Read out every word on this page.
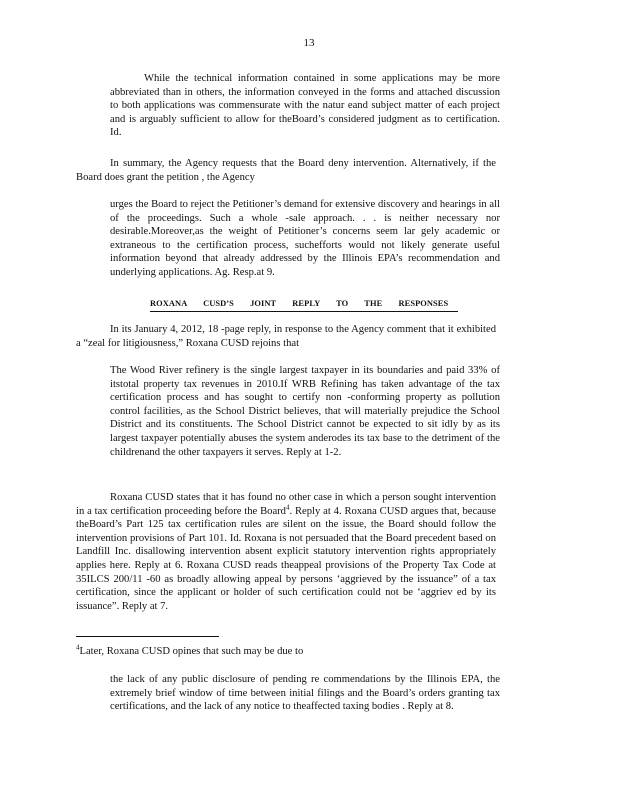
13
While the technical information contained in some applications may be more abbreviated than in others, the information conveyed in the forms and attached discussion to both applications was commensurate with the natur eand subject matter of each project and is arguably sufficient to allow for theBoard’s considered judgment as to certification. Id.
In summary, the Agency requests that the Board deny intervention. Alternatively, if the Board does grant the petition , the Agency
urges the Board to reject the Petitioner’s demand for extensive discovery and hearings in all of the proceedings. Such a whole -sale approach. . . is neither necessary nor desirable.Moreover,as the weight of Petitioner’s concerns seem lar gely academic or extraneous to the certification process, suchefforts would not likely generate useful information beyond that already addressed by the Illinois EPA’s recommendation and underlying applications. Ag. Resp.at 9.
ROXANA CUSD’S JOINT REPLY TO THE RESPONSES
In its January 4, 2012, 18 -page reply, in response to the Agency comment that it exhibited a “zeal for litigiousness,” Roxana CUSD rejoins that
The Wood River refinery is the single largest taxpayer in its boundaries and paid 33% of itstotal property tax revenues in 2010.If WRB Refining has taken advantage of the tax certification process and has sought to certify non -conforming property as pollution control facilities, as the School District believes, that will materially prejudice the School District and its constituents. The School District cannot be expected to sit idly by as its largest taxpayer potentially abuses the system anderodes its tax base to the detriment of the childrenand the other taxpayers it serves. Reply at 1-2.
Roxana CUSD states that it has found no other case in which a person sought intervention in a tax certification proceeding before the Board$^4$. Reply at 4. Roxana CUSD argues that, because theBoard’s Part 125 tax certification rules are silent on the issue, the Board should follow the intervention provisions of Part 101. Id. Roxana is not persuaded that the Board precedent based on Landfill Inc. disallowing intervention absent explicit statutory intervention rights appropriately applies here. Reply at 6. Roxana CUSD reads theappeal provisions of the Property Tax Code at 35ILCS 200/11 -60 as broadly allowing appeal by persons ‘aggrieved by the issuance” of a tax certification, since the applicant or holder of such certification could not be ‘aggriev ed by its issuance”. Reply at 7.
$^4$Later, Roxana CUSD opines that such may be due to
the lack of any public disclosure of pending re commendations by the Illinois EPA, the extremely brief window of time between initial filings and the Board’s orders granting tax certifications, and the lack of any notice to theaffected taxing bodies . Reply at 8.
